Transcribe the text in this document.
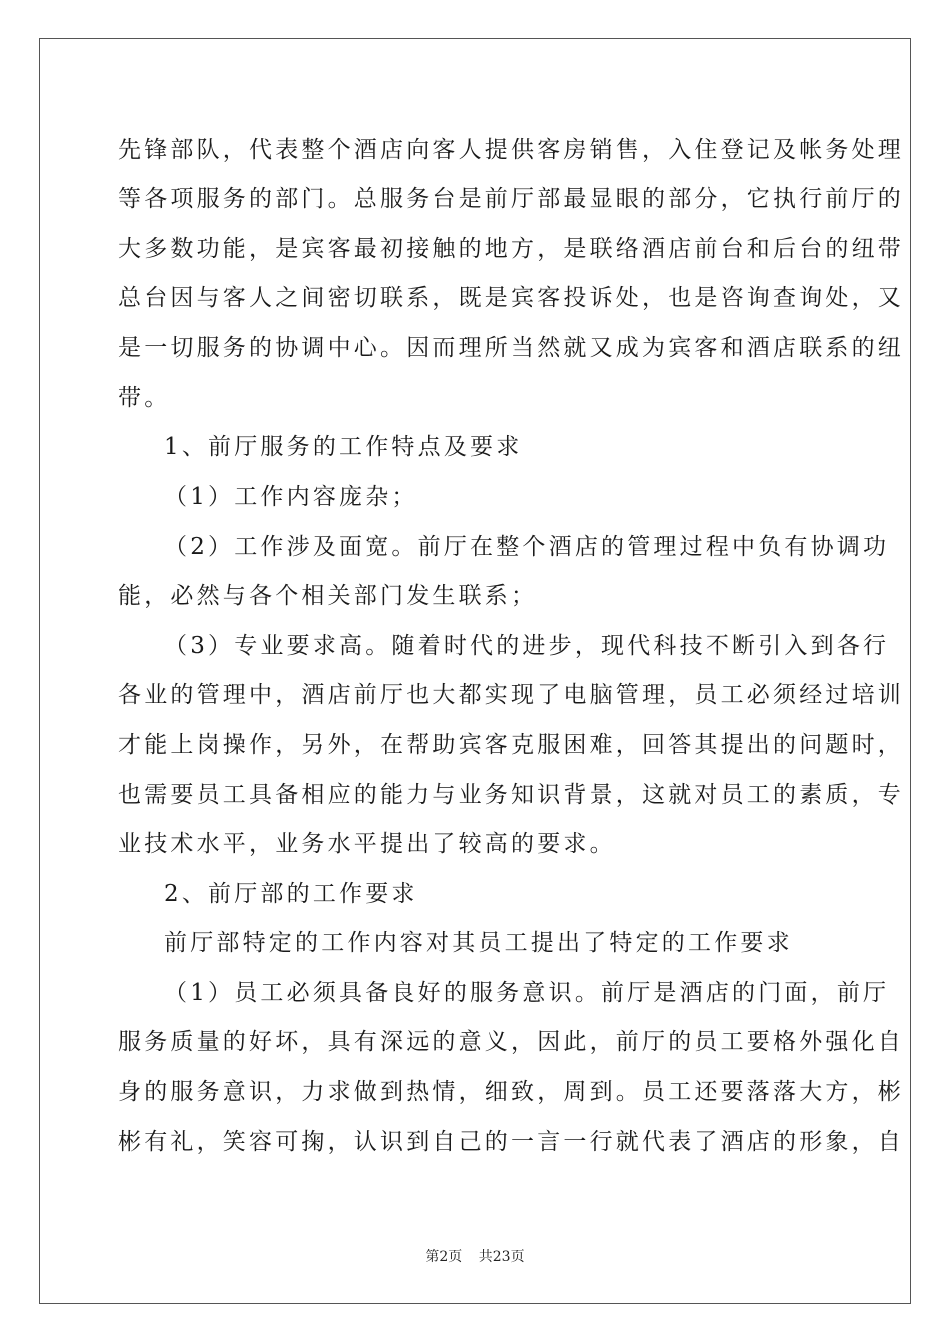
先锋部队，代表整个酒店向客人提供客房销售，入住登记及帐务处理

等各项服务的部门。总服务台是前厅部最显眼的部分，它执行前厅的

大多数功能，是宾客最初接触的地方，是联络酒店前台和后台的纽带

总台因与客人之间密切联系，既是宾客投诉处，也是咨询查询处，又

是一切服务的协调中心。因而理所当然就又成为宾客和酒店联系的纽

带。

1、前厅服务的工作特点及要求

（1）工作内容庞杂；

（2）工作涉及面宽。前厅在整个酒店的管理过程中负有协调功

能，必然与各个相关部门发生联系；

（3）专业要求高。随着时代的进步，现代科技不断引入到各行

各业的管理中，酒店前厅也大都实现了电脑管理，员工必须经过培训

才能上岗操作，另外，在帮助宾客克服困难，回答其提出的问题时，

也需要员工具备相应的能力与业务知识背景，这就对员工的素质，专

业技术水平，业务水平提出了较高的要求。

2、前厅部的工作要求

前厅部特定的工作内容对其员工提出了特定的工作要求

（1）员工必须具备良好的服务意识。前厅是酒店的门面，前厅

服务质量的好坏，具有深远的意义，因此，前厅的员工要格外强化自

身的服务意识，力求做到热情，细致，周到。员工还要落落大方，彬

彬有礼，笑容可掬，认识到自己的一言一行就代表了酒店的形象，自

第2页 共23页
